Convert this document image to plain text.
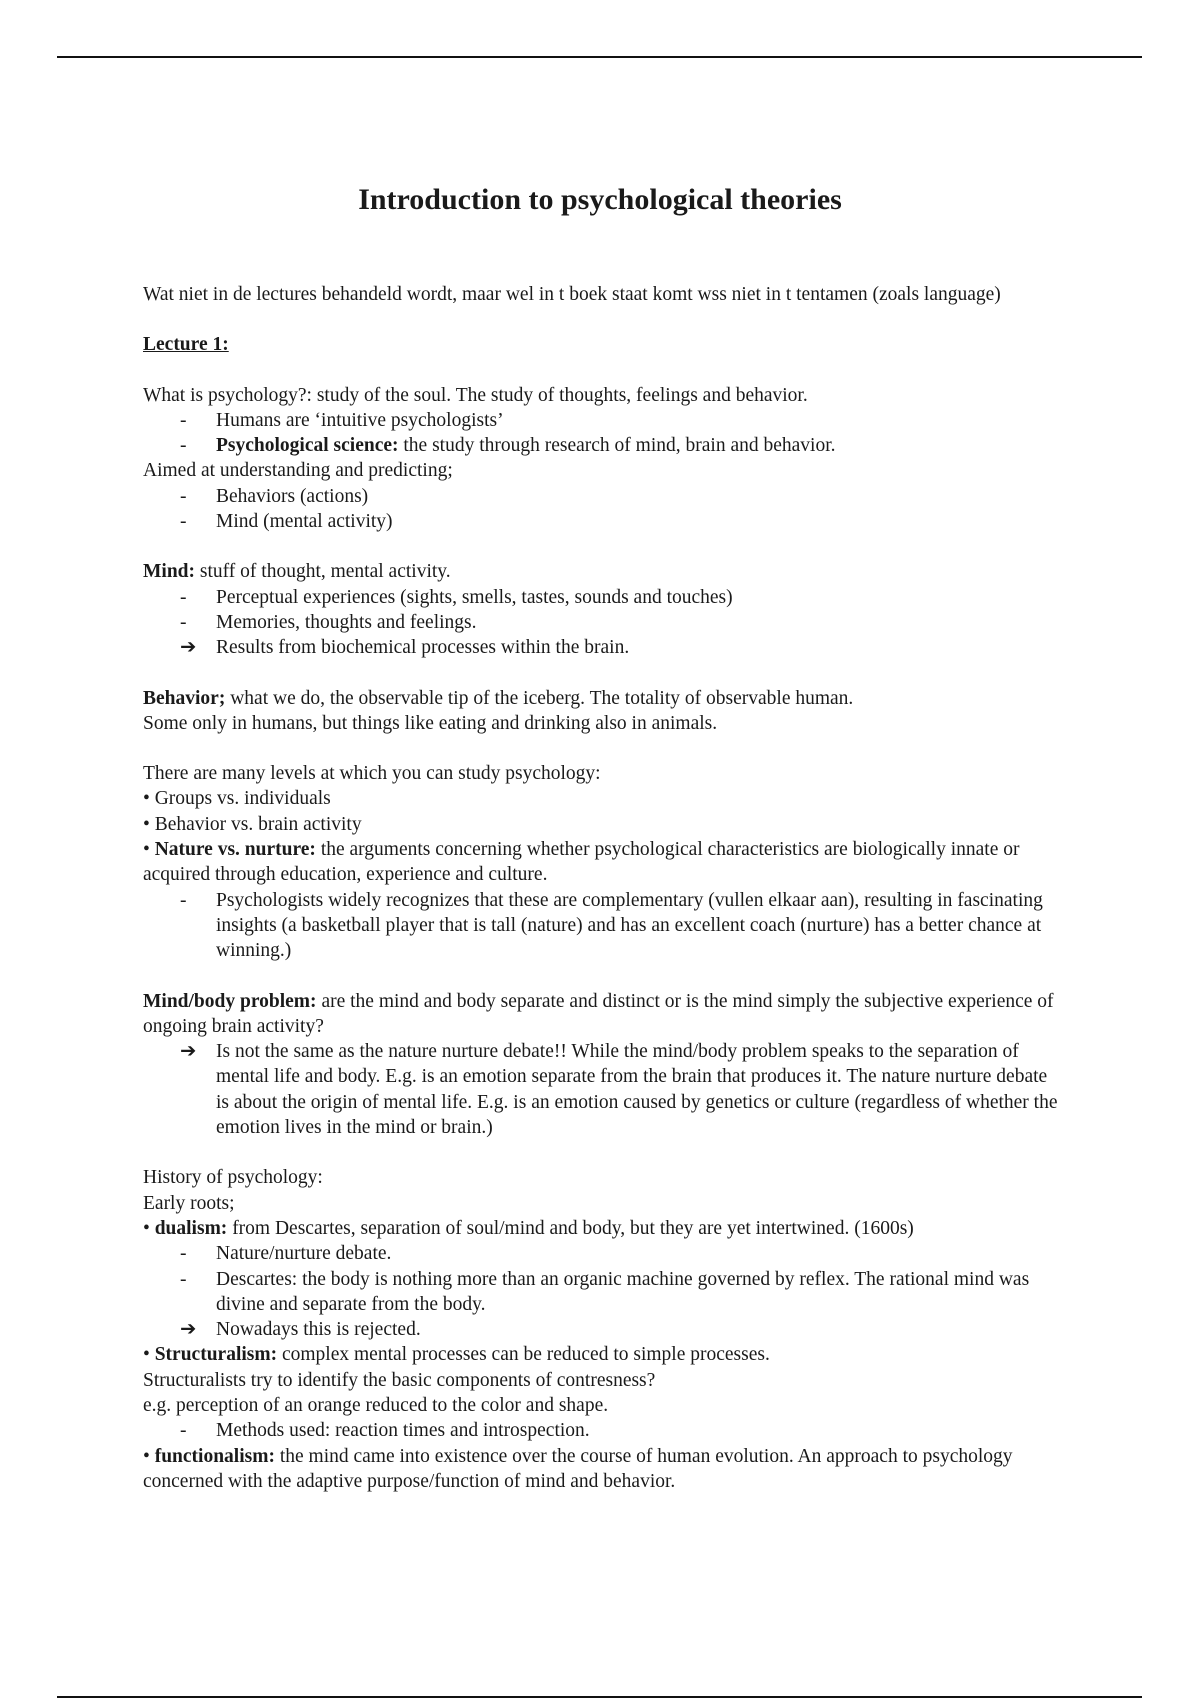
Introduction to psychological theories

Wat niet in de lectures behandeld wordt, maar wel in t boek staat komt wss niet in t tentamen (zoals language)

Lecture 1:

What is psychology?: study of the soul. The study of thoughts, feelings and behavior.

- Humans are ‘intuitive psychologists’
- Psychological science: the study through research of mind, brain and behavior.

Aimed at understanding and predicting;

- Behaviors (actions)
- Mind (mental activity)

Mind: stuff of thought, mental activity.

- Perceptual experiences (sights, smells, tastes, sounds and touches)
- Memories, thoughts and feelings.
➔ Results from biochemical processes within the brain.

Behavior; what we do, the observable tip of the iceberg. The totality of observable human.

Some only in humans, but things like eating and drinking also in animals.

There are many levels at which you can study psychology:

• Groups vs. individuals

• Behavior vs. brain activity

• Nature vs. nurture: the arguments concerning whether psychological characteristics are biologically innate or acquired through education, experience and culture.

- Psychologists widely recognizes that these are complementary (vullen elkaar aan), resulting in fascinating insights (a basketball player that is tall (nature) and has an excellent coach (nurture) has a better chance at winning.)

Mind/body problem: are the mind and body separate and distinct or is the mind simply the subjective experience of ongoing brain activity?

➔ Is not the same as the nature nurture debate!! While the mind/body problem speaks to the separation of mental life and body. E.g. is an emotion separate from the brain that produces it. The nature nurture debate is about the origin of mental life. E.g. is an emotion caused by genetics or culture (regardless of whether the emotion lives in the mind or brain.)

History of psychology:

Early roots;

• dualism: from Descartes, separation of soul/mind and body, but they are yet intertwined. (1600s)

- Nature/nurture debate.
- Descartes: the body is nothing more than an organic machine governed by reflex. The rational mind was divine and separate from the body.
➔ Nowadays this is rejected.

• Structuralism: complex mental processes can be reduced to simple processes.

Structuralists try to identify the basic components of contresness?

e.g. perception of an orange reduced to the color and shape.

- Methods used: reaction times and introspection.

• functionalism: the mind came into existence over the course of human evolution. An approach to psychology concerned with the adaptive purpose/function of mind and behavior.
